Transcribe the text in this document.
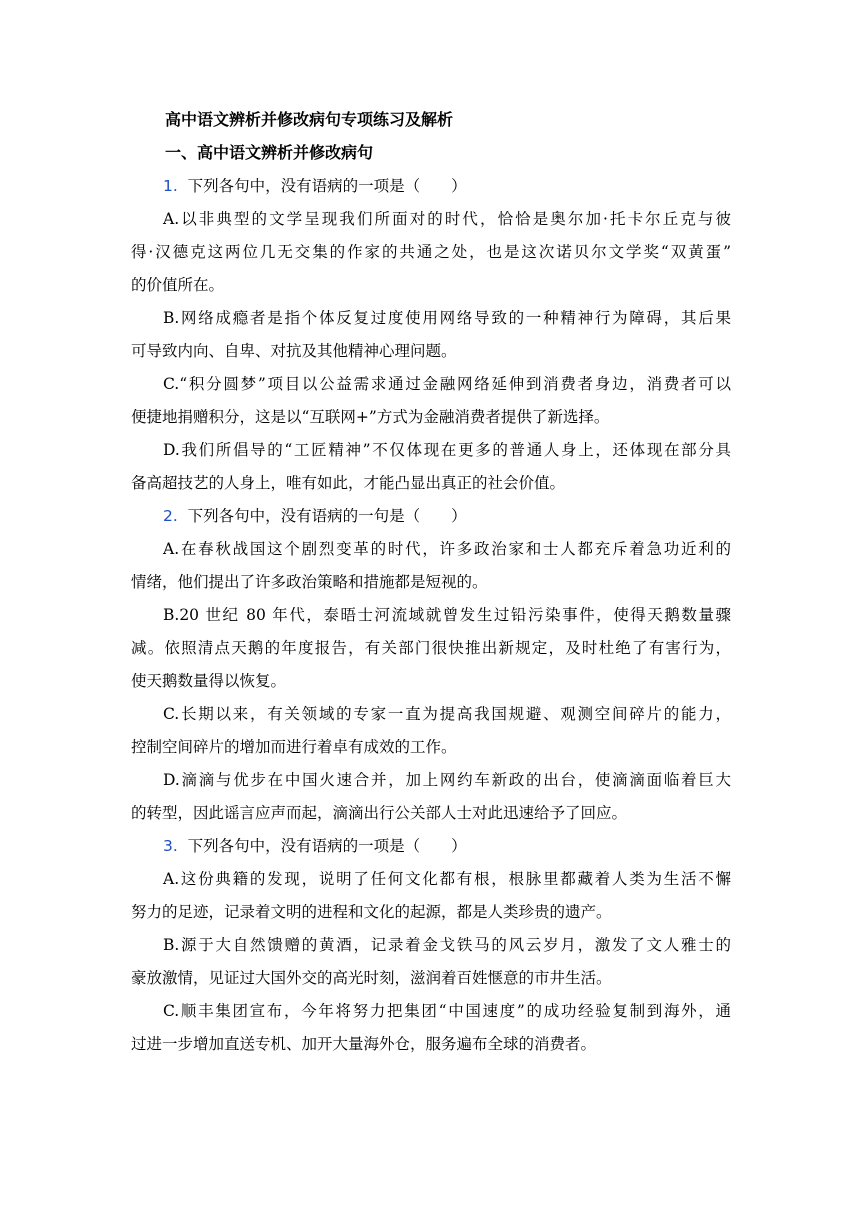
高中语文辨析并修改病句专项练习及解析
一、高中语文辨析并修改病句

1. 下列各句中，没有语病的一项是（　　）

A.以非典型的文学呈现我们所面对的时代，恰恰是奥尔加·托卡尔丘克与彼
得·汉德克这两位几无交集的作家的共通之处，也是这次诺贝尔文学奖“双黄蛋”
的价值所在。
B.网络成瘾者是指个体反复过度使用网络导致的一种精神行为障碍，其后果
可导致内向、自卑、对抗及其他精神心理问题。
C.“积分圆梦”项目以公益需求通过金融网络延伸到消费者身边，消费者可以
便捷地捐赠积分，这是以“互联网+”方式为金融消费者提供了新选择。
D.我们所倡导的“工匠精神”不仅体现在更多的普通人身上，还体现在部分具
备高超技艺的人身上，唯有如此，才能凸显出真正的社会价值。

2. 下列各句中，没有语病的一句是（　　）

A.在春秋战国这个剧烈变革的时代，许多政治家和士人都充斥着急功近利的
情绪，他们提出了许多政治策略和措施都是短视的。
B.20 世纪 80 年代，泰晤士河流域就曾发生过铅污染事件，使得天鹅数量骤
减。依照清点天鹅的年度报告，有关部门很快推出新规定，及时杜绝了有害行为，
使天鹅数量得以恢复。
C.长期以来，有关领域的专家一直为提高我国规避、观测空间碎片的能力，
控制空间碎片的增加而进行着卓有成效的工作。
D.滴滴与优步在中国火速合并，加上网约车新政的出台，使滴滴面临着巨大
的转型，因此谣言应声而起，滴滴出行公关部人士对此迅速给予了回应。

3. 下列各句中，没有语病的一项是（　　）

A.这份典籍的发现，说明了任何文化都有根，根脉里都藏着人类为生活不懈
努力的足迹，记录着文明的进程和文化的起源，都是人类珍贵的遗产。
B.源于大自然馈赠的黄酒，记录着金戈铁马的风云岁月，激发了文人雅士的
豪放激情，见证过大国外交的高光时刻，滋润着百姓惬意的市井生活。
C.顺丰集团宣布，今年将努力把集团“中国速度”的成功经验复制到海外，通
过进一步增加直送专机、加开大量海外仓，服务遍布全球的消费者。
